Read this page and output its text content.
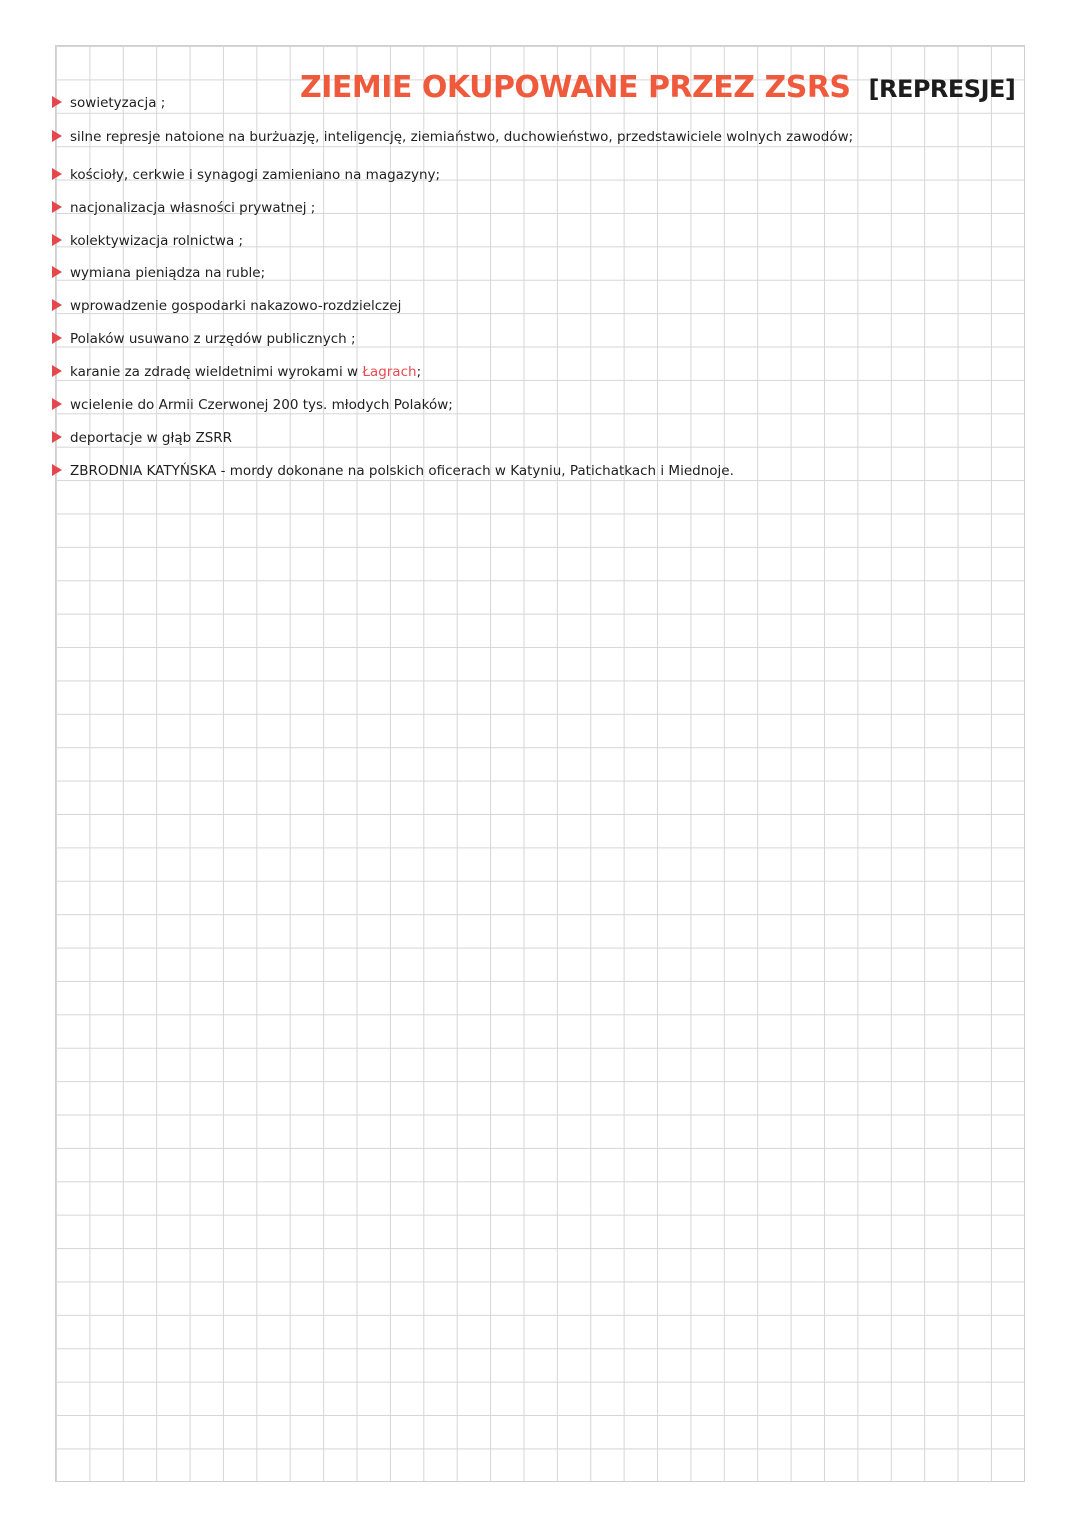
ZIEMIE OKUPOWANE PRZEZ ZSRS [REPRESJE]
sowietyzacja ;
silne represje natoione na burżuazję, inteligencję, ziemiaństwo, duchowieństwo, przedstawiciele wolnych zawodów;
kościoły, cerkwie i synagogi zamieniano na magazyny;
nacjonalizacja własności prywatnej ;
kolektywizacja rolnictwa ;
wymiana pieniądza na ruble;
wprowadzenie gospodarki nakazowo-rozdzielczej
Polaków usuwano z urzędów publicznych ;
karanie za zdradę wieldetnimi wyrokami w Łagrach;
wcielenie do Armii Czerwonej 200 tys. młodych Polaków;
deportacje w głąb ZSRR
ZBRODNIA KATYŃSKA - mordy dokonane na polskich oficerach w Katyniu, Patichatkach i Miednoje.
